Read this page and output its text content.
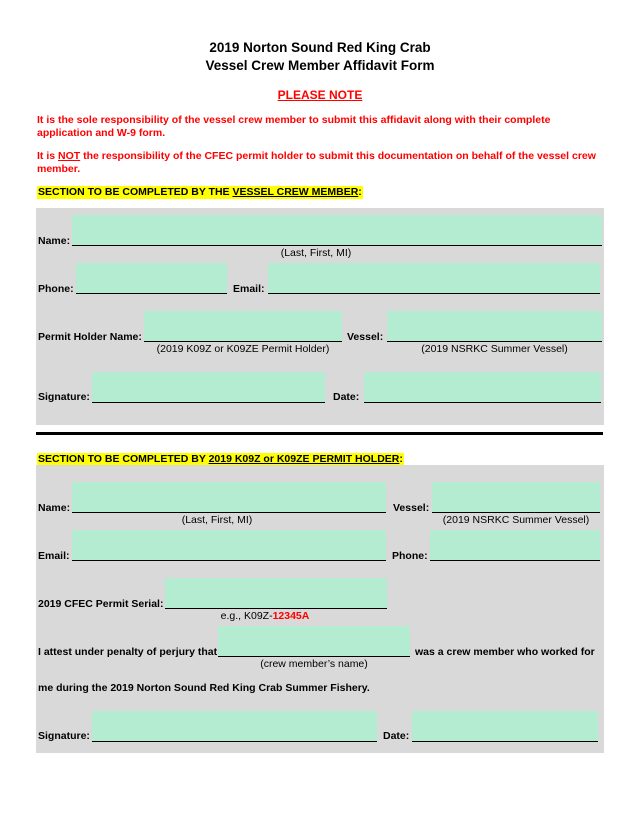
2019 Norton Sound Red King Crab
Vessel Crew Member Affidavit Form
PLEASE NOTE
It is the sole responsibility of the vessel crew member to submit this affidavit along with their complete application and W-9 form.
It is NOT the responsibility of the CFEC permit holder to submit this documentation on behalf of the vessel crew member.
SECTION TO BE COMPLETED BY THE VESSEL CREW MEMBER:
Name:
(Last, First, MI)
Phone:	Email:
Permit Holder Name:
(2019 K09Z or K09ZE Permit Holder)
Vessel:
(2019 NSRKC Summer Vessel)
Signature:	Date:
SECTION TO BE COMPLETED BY 2019 K09Z or K09ZE PERMIT HOLDER:
Name:
(Last, First, MI)
Vessel:
(2019 NSRKC Summer Vessel)
Email:	Phone:
2019 CFEC Permit Serial:
e.g., K09Z-12345A
I attest under penalty of perjury that
(crew member’s name)
was a crew member who worked for
me during the 2019 Norton Sound Red King Crab Summer Fishery.
Signature:	Date:
